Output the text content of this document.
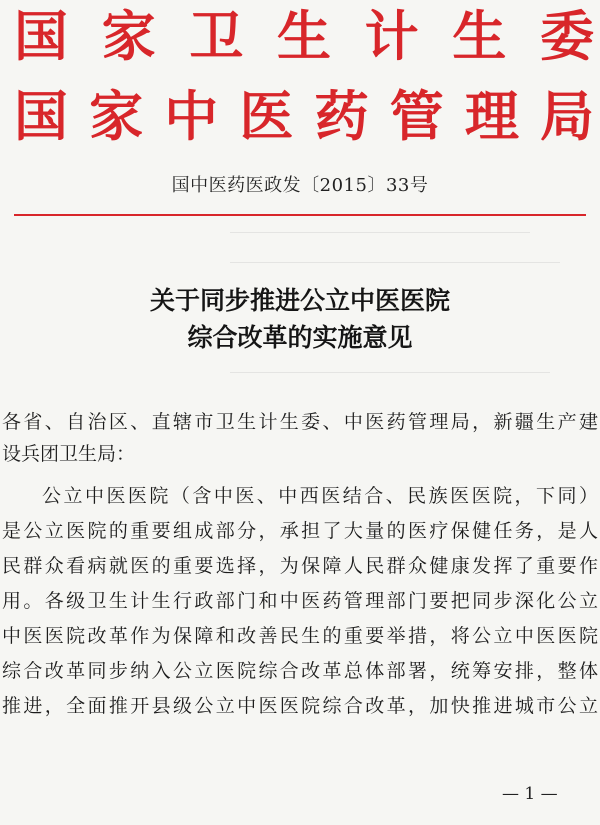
国家卫生计生委
国家中医药管理局
国中医药医政发〔2015〕33号
关于同步推进公立中医医院
综合改革的实施意见
各省、自治区、直辖市卫生计生委、中医药管理局，新疆生产建
设兵团卫生局：
公立中医医院（含中医、中西医结合、民族医医院，下同）
是公立医院的重要组成部分，承担了大量的医疗保健任务，是人
民群众看病就医的重要选择，为保障人民群众健康发挥了重要作
用。各级卫生计生行政部门和中医药管理部门要把同步深化公立
中医医院改革作为保障和改善民生的重要举措，将公立中医医院
综合改革同步纳入公立医院综合改革总体部署，统筹安排，整体
推进，全面推开县级公立中医医院综合改革，加快推进城市公立
— 1 —
